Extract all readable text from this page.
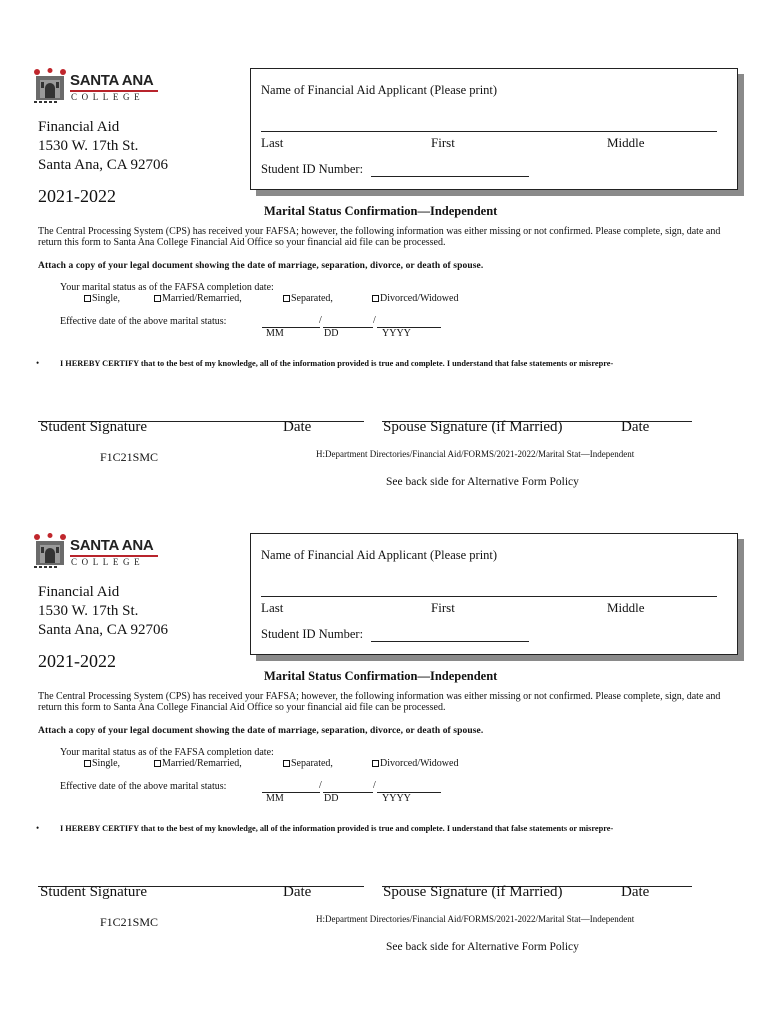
SANTA ANA
COLLEGE
Financial Aid
1530 W. 17th St.
Santa Ana, CA 92706
2021-2022
Name of Financial Aid Applicant (Please print)
Last	First	Middle
Student ID Number:
Marital Status Confirmation—Independent
The Central Processing System (CPS) has received your FAFSA; however, the following information was either missing or not confirmed. Please complete, sign, date and return this form to Santa Ana College Financial Aid Office so your financial aid file can be processed.
Attach a copy of your legal document showing the date of marriage, separation, divorce, or death of spouse.
Your marital status as of the FAFSA completion date:
Single,	Married/Remarried,	Separated,	Divorced/Widowed
Effective date of the above marital status:	/	/
MM	DD	YYYY
•	I HEREBY CERTIFY that to the best of my knowledge, all of the information provided is true and complete. I understand that false statements or misrepre-
Student Signature	Date	Spouse Signature (if Married)	Date
F1C21SMC	H:Department Directories/Financial Aid/FORMS/2021-2022/Marital Stat—Independent
See back side for Alternative Form Policy
SANTA ANA
COLLEGE
Financial Aid
1530 W. 17th St.
Santa Ana, CA 92706
2021-2022
Name of Financial Aid Applicant (Please print)
Last	First	Middle
Student ID Number:
Marital Status Confirmation—Independent
The Central Processing System (CPS) has received your FAFSA; however, the following information was either missing or not confirmed. Please complete, sign, date and return this form to Santa Ana College Financial Aid Office so your financial aid file can be processed.
Attach a copy of your legal document showing the date of marriage, separation, divorce, or death of spouse.
Your marital status as of the FAFSA completion date:
Single,	Married/Remarried,	Separated,	Divorced/Widowed
Effective date of the above marital status:	/	/
MM	DD	YYYY
•	I HEREBY CERTIFY that to the best of my knowledge, all of the information provided is true and complete. I understand that false statements or misrepre-
Student Signature	Date	Spouse Signature (if Married)	Date
F1C21SMC	H:Department Directories/Financial Aid/FORMS/2021-2022/Marital Stat—Independent
See back side for Alternative Form Policy
